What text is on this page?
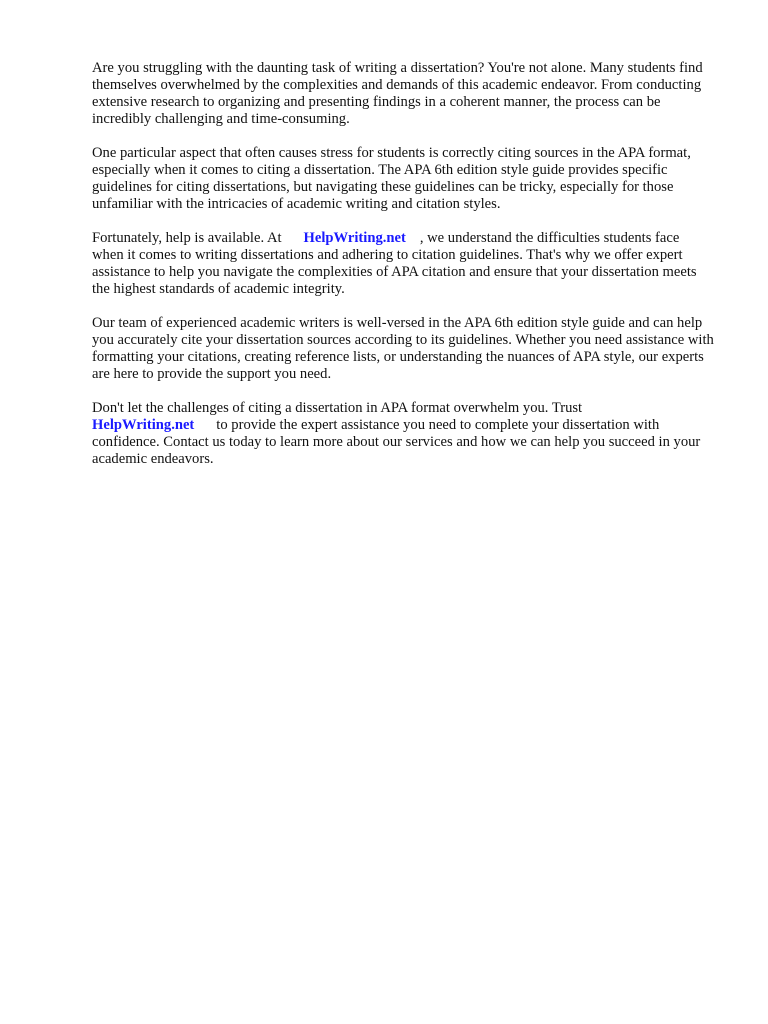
Are you struggling with the daunting task of writing a dissertation? You're not alone. Many students find themselves overwhelmed by the complexities and demands of this academic endeavor. From conducting extensive research to organizing and presenting findings in a coherent manner, the process can be incredibly challenging and time-consuming.

One particular aspect that often causes stress for students is correctly citing sources in the APA format, especially when it comes to citing a dissertation. The APA 6th edition style guide provides specific guidelines for citing dissertations, but navigating these guidelines can be tricky, especially for those unfamiliar with the intricacies of academic writing and citation styles.

Fortunately, help is available. At HelpWriting.net , we understand the difficulties students face when it comes to writing dissertations and adhering to citation guidelines. That's why we offer expert assistance to help you navigate the complexities of APA citation and ensure that your dissertation meets the highest standards of academic integrity.

Our team of experienced academic writers is well-versed in the APA 6th edition style guide and can help you accurately cite your dissertation sources according to its guidelines. Whether you need assistance with formatting your citations, creating reference lists, or understanding the nuances of APA style, our experts are here to provide the support you need.

Don't let the challenges of citing a dissertation in APA format overwhelm you. Trust HelpWriting.net to provide the expert assistance you need to complete your dissertation with confidence. Contact us today to learn more about our services and how we can help you succeed in your academic endeavors.
